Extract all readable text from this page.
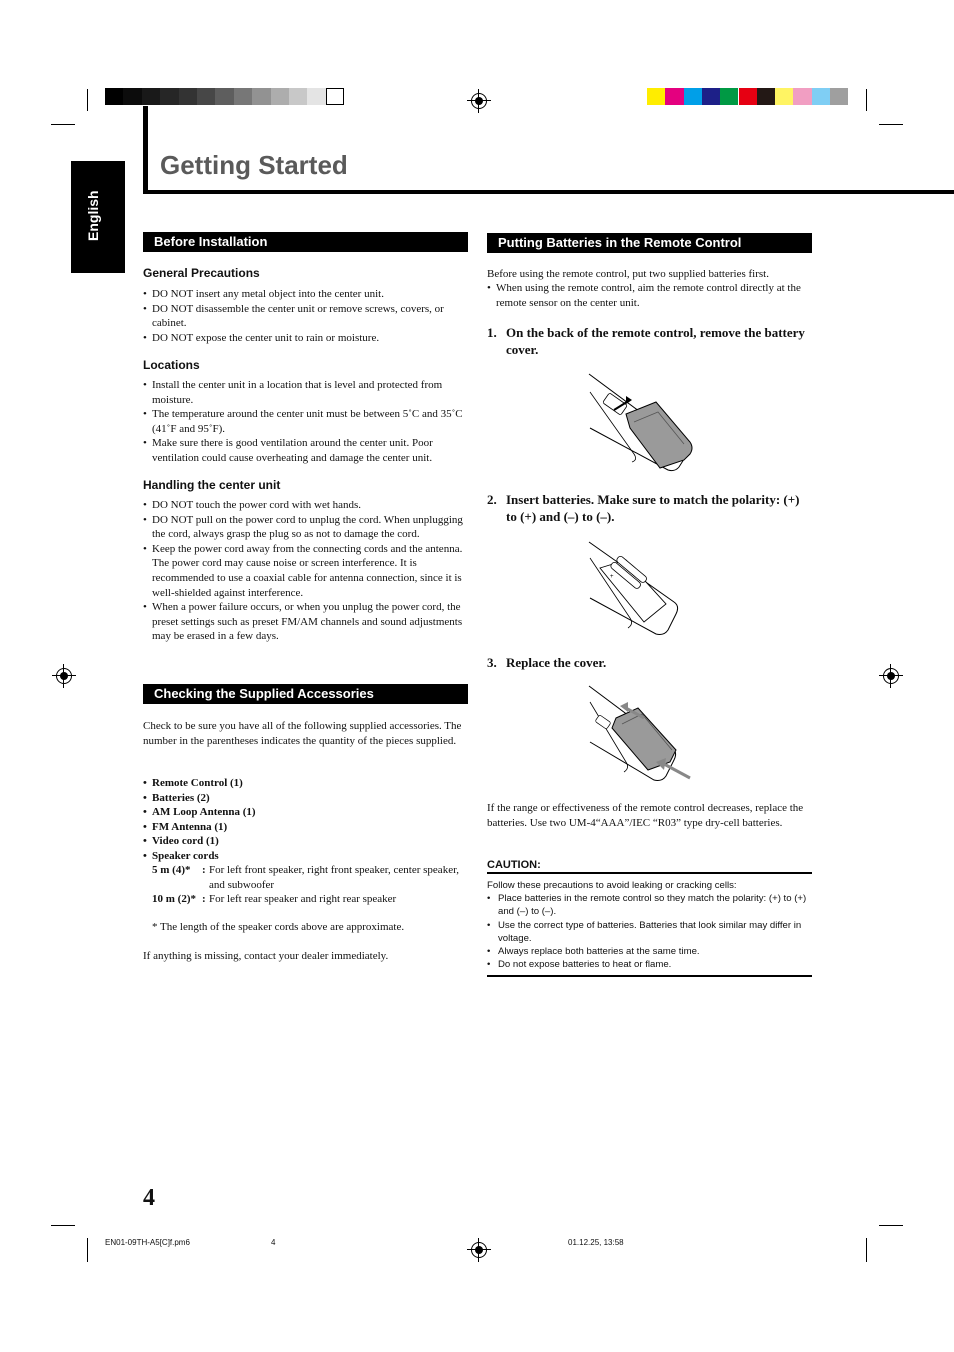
Getting Started
English
Before Installation
General Precautions
• DO NOT insert any metal object into the center unit.
• DO NOT disassemble the center unit or remove screws, covers, or cabinet.
• DO NOT expose the center unit to rain or moisture.
Locations
• Install the center unit in a location that is level and protected from moisture.
• The temperature around the center unit must be between 5˚C and 35˚C (41˚F and 95˚F).
• Make sure there is good ventilation around the center unit. Poor ventilation could cause overheating and damage the center unit.
Handling the center unit
• DO NOT touch the power cord with wet hands.
• DO NOT pull on the power cord to unplug the cord. When unplugging the cord, always grasp the plug so as not to damage the cord.
• Keep the power cord away from the connecting cords and the antenna. The power cord may cause noise or screen interference. It is recommended to use a coaxial cable for antenna connection, since it is well-shielded against interference.
• When a power failure occurs, or when you unplug the power cord, the preset settings such as preset FM/AM channels and sound adjustments may be erased in a few days.
Checking the Supplied Accessories

Check to be sure you have all of the following supplied accessories. The number in the parentheses indicates the quantity of the pieces supplied.

• Remote Control (1)
• Batteries (2)
• AM Loop Antenna (1)
• FM Antenna (1)
• Video cord (1)
• Speaker cords
5 m (4)* : For left front speaker, right front speaker, center speaker, and subwoofer
10 m (2)* : For left rear speaker and right rear speaker

* The length of the speaker cords above are approximate.

If anything is missing, contact your dealer immediately.

Putting Batteries in the Remote Control

Before using the remote control, put two supplied batteries first.

• When using the remote control, aim the remote control directly at the remote sensor on the center unit.
1. On the back of the remote control, remove the battery cover.
2. Insert batteries. Make sure to match the polarity: (+) to (+) and (–) to (–).
+
3. Replace the cover.

If the range or effectiveness of the remote control decreases, replace the batteries. Use two UM-4“AAA”/IEC “R03” type dry-cell batteries.

CAUTION:

Follow these precautions to avoid leaking or cracking cells:

• Place batteries in the remote control so they match the polarity: (+) to (+) and (–) to (–).
• Use the correct type of batteries. Batteries that look similar may differ in voltage.
• Always replace both batteries at the same time.
• Do not expose batteries to heat or flame.
4
EN01-09TH-A5[C]f.pm6	4	01.12.25, 13:58
